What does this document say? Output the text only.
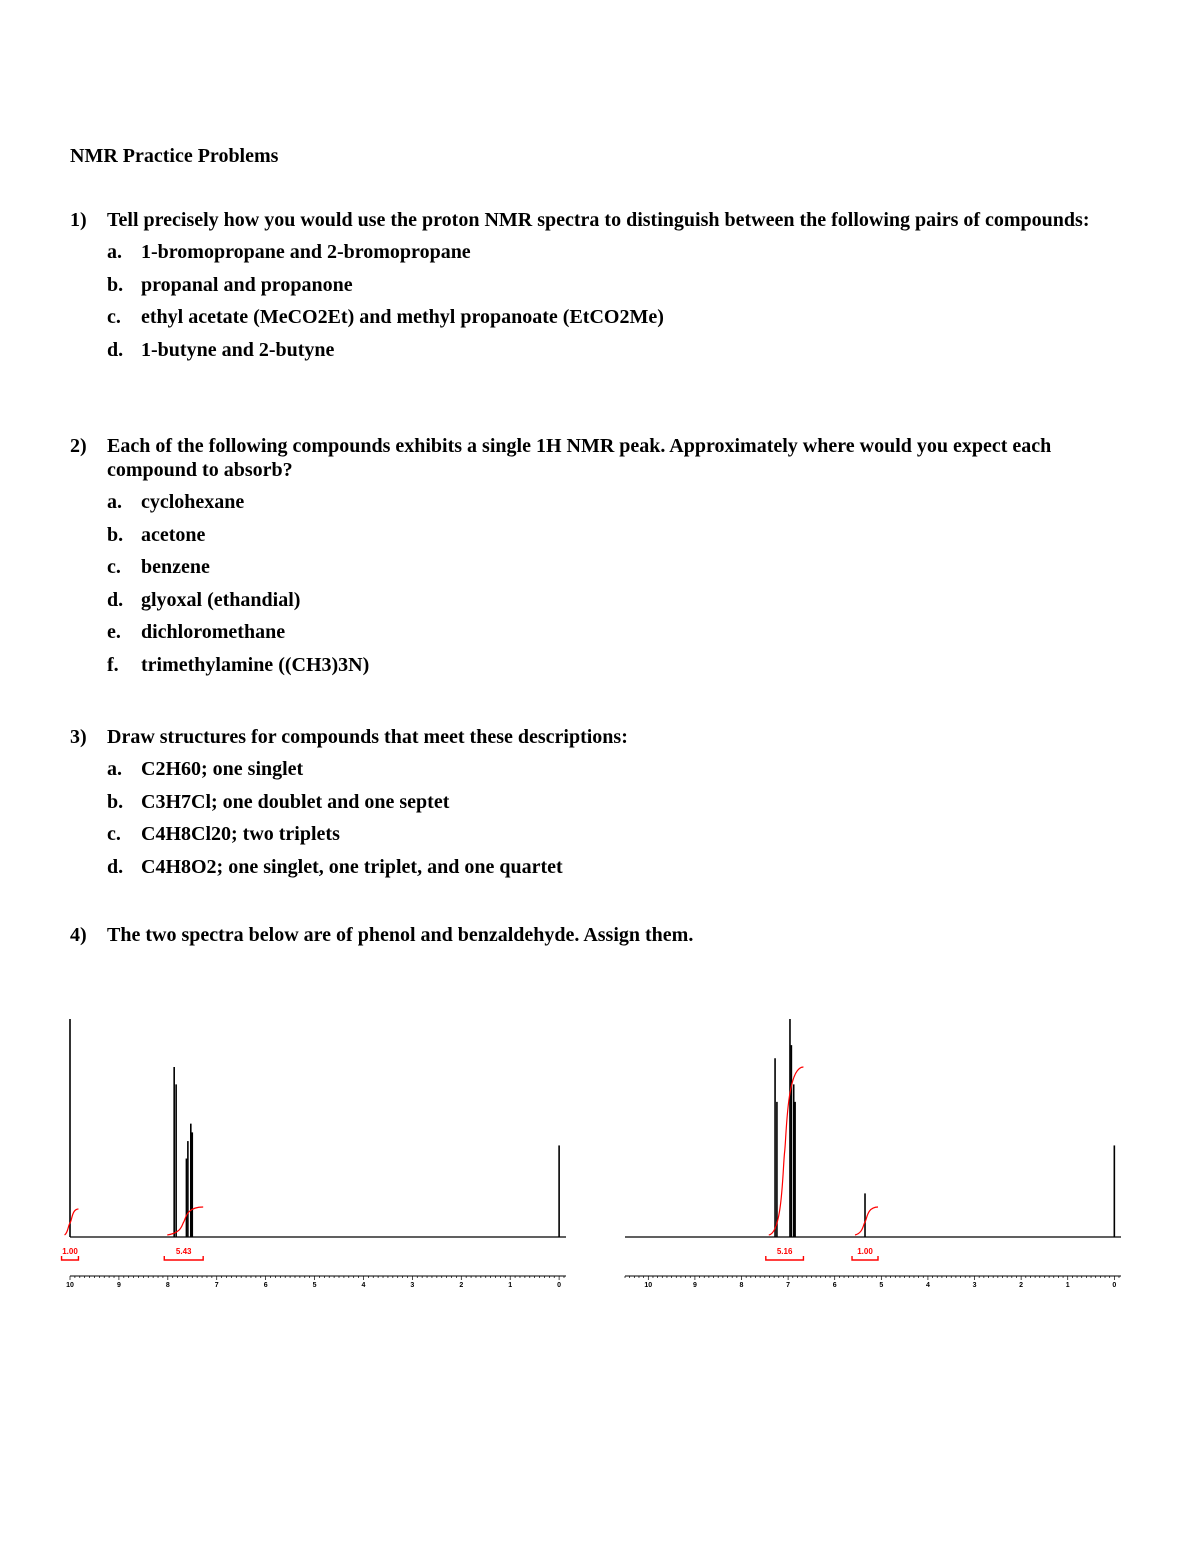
NMR Practice Problems
1)	Tell precisely how you would use the proton NMR spectra to distinguish between the following pairs of compounds:
a. 1-bromopropane and 2-bromopropane
b. propanal and propanone
c.	ethyl acetate (MeCO2Et) and methyl propanoate (EtCO2Me)
d. 1-butyne and 2-butyne
2)	Each of the following compounds exhibits a single 1H NMR peak. Approximately where would you expect each compound to absorb?
a. cyclohexane
b. acetone
c.	benzene
d. glyoxal (ethandial)
e.	dichloromethane
f.	trimethylamine ((CH3)3N)
3)	Draw structures for compounds that meet these descriptions:
a. C2H60; one singlet
b. C3H7Cl; one doublet and one septet
c.	C4H8Cl20; two triplets
d. C4H8O2; one singlet, one triplet, and one quartet
4)	The two spectra below are of phenol and benzaldehyde. Assign them.
1.00	5.43
10	9	8	7	6	5	4	3	2	1	0
5.16	1.00
10	9	8	7	6	5	4	3	2	1	0
